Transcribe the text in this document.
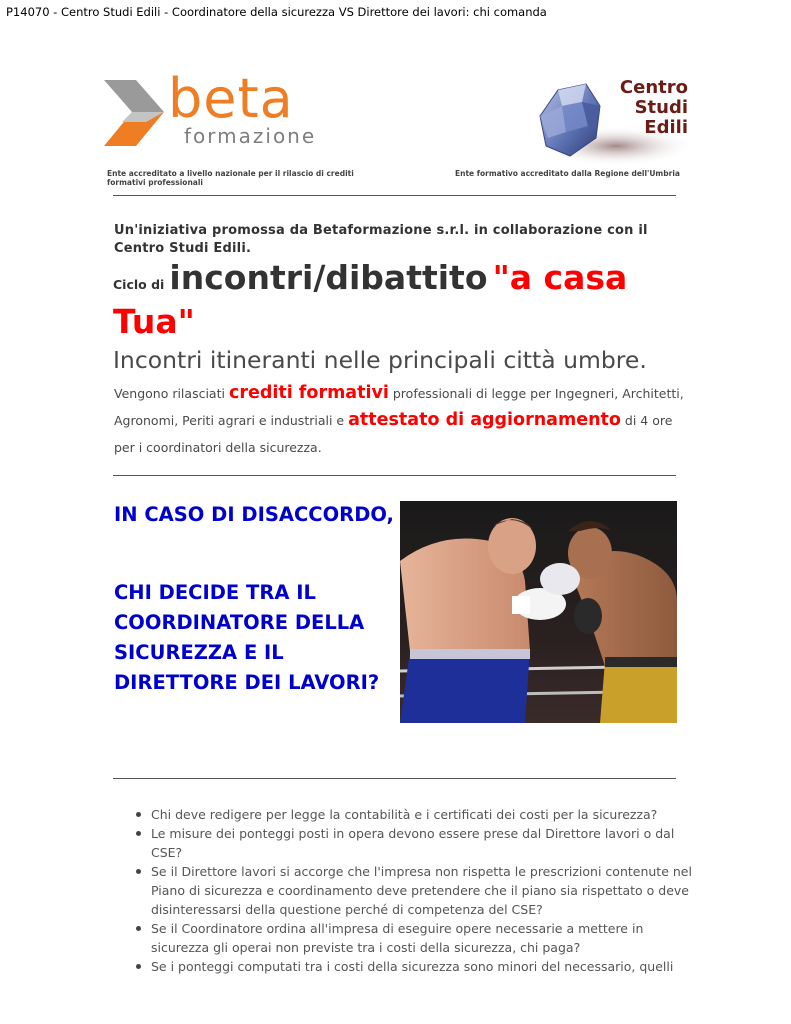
P14070 - Centro Studi Edili - Coordinatore della sicurezza VS Direttore dei lavori: chi comanda
beta
formazione
Centro
Studi
Edili
Ente accreditato a livello nazionale per il rilascio di crediti formativi professionali
Ente formativo accreditato dalla Regione dell'Umbria
Un'iniziativa promossa da Betaformazione s.r.l. in collaborazione con il Centro Studi Edili.
Ciclo di incontri/dibattito "a casa
Tua"
Incontri itineranti nelle principali città umbre.
Vengono rilasciati crediti formativi professionali di legge per Ingegneri, Architetti, Agronomi, Periti agrari e industriali e attestato di aggiornamento di 4 ore per i coordinatori della sicurezza.
IN CASO DI DISACCORDO,
CHI DECIDE TRA IL COORDINATORE DELLA SICUREZZA E IL DIRETTORE DEI LAVORI?
Chi deve redigere per legge la contabilità e i certificati dei costi per la sicurezza?
Le misure dei ponteggi posti in opera devono essere prese dal Direttore lavori o dal CSE?
Se il Direttore lavori si accorge che l'impresa non rispetta le prescrizioni contenute nel Piano di sicurezza e coordinamento deve pretendere che il piano sia rispettato o deve disinteressarsi della questione perché di competenza del CSE?
Se il Coordinatore ordina all'impresa di eseguire opere necessarie a mettere in sicurezza gli operai non previste tra i costi della sicurezza, chi paga?
Se i ponteggi computati tra i costi della sicurezza sono minori del necessario, quelli
